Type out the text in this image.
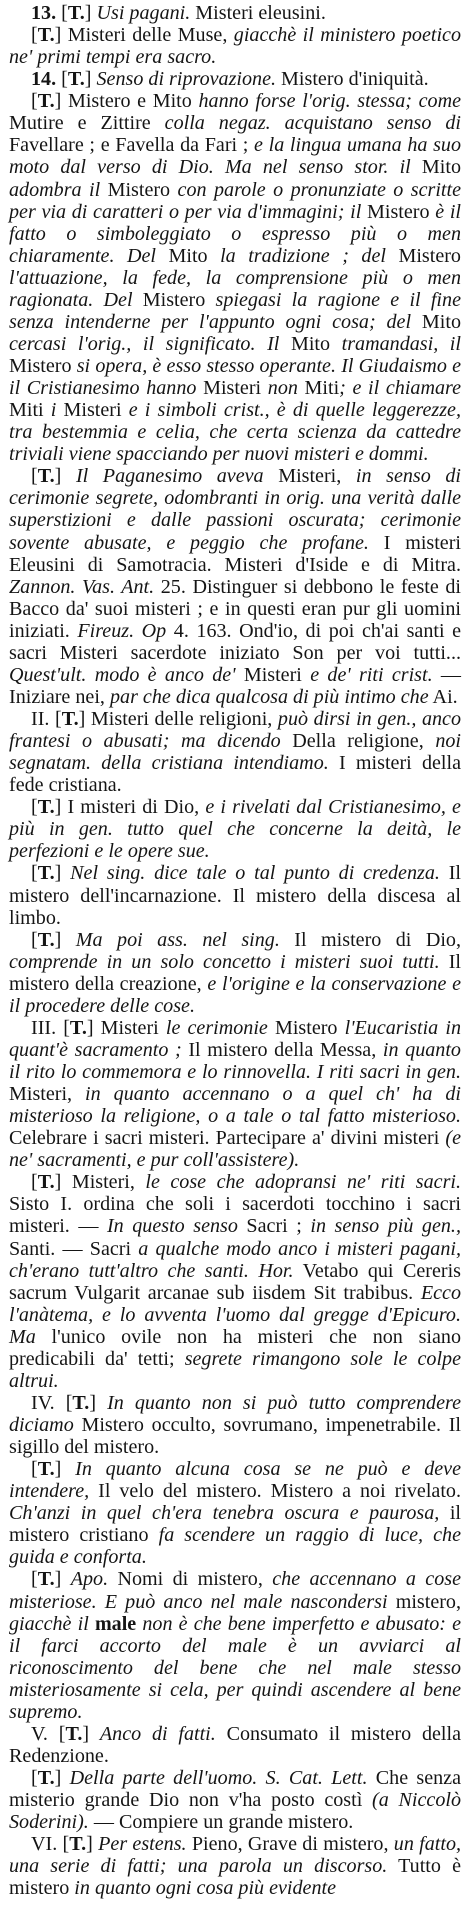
13. [T.] Usi pagani. Misteri eleusini.

[T.] Misteri delle Muse, giacchè il ministero poetico ne' primi tempi era sacro.

14. [T.] Senso di riprovazione. Mistero d'iniquità.

[T.] Mistero e Mito hanno forse l'orig. stessa; come Mutire e Zittire colla negaz. acquistano senso di Favellare ; e Favella da Fari ; e la lingua umana ha suo moto dal verso di Dio. Ma nel senso stor. il Mito adombra il Mistero con parole o pronunziate o scritte per via di caratteri o per via d'immagini; il Mistero è il fatto o simboleggiato o espresso più o men chiaramente. Del Mito la tradizione ; del Mistero l'attuazione, la fede, la comprensione più o men ragionata. Del Mistero spiegasi la ragione e il fine senza intenderne per l'appunto ogni cosa; del Mito cercasi l'orig., il significato. Il Mito tramandasi, il Mistero si opera, è esso stesso operante. Il Giudaismo e il Cristianesimo hanno Misteri non Miti; e il chiamare Miti i Misteri e i simboli crist., è di quelle leggerezze, tra bestemmia e celia, che certa scienza da cattedre triviali viene spacciando per nuovi misteri e dommi.

[T.] Il Paganesimo aveva Misteri, in senso di cerimonie segrete, odombranti in orig. una verità dalle superstizioni e dalle passioni oscurata; cerimonie sovente abusate, e peggio che profane. I misteri Eleusini di Samotracia. Misteri d'Iside e di Mitra. Zannon. Vas. Ant. 25. Distinguer si debbono le feste di Bacco da' suoi misteri ; e in questi eran pur gli uomini iniziati. Fireuz. Op 4. 163. Ond'io, di poi ch'ai santi e sacri Misteri sacerdote iniziato Son per voi tutti... Quest'ult. modo è anco de' Misteri e de' riti crist. — Iniziare nei, par che dica qualcosa di più intimo che Ai.

II. [T.] Misteri delle religioni, può dirsi in gen., anco frantesi o abusati; ma dicendo Della religione, noi segnatam. della cristiana intendiamo. I misteri della fede cristiana.

[T.] I misteri di Dio, e i rivelati dal Cristianesimo, e più in gen. tutto quel che concerne la deità, le perfezioni e le opere sue.

[T.] Nel sing. dice tale o tal punto di credenza. Il mistero dell'incarnazione. Il mistero della discesa al limbo.

[T.] Ma poi ass. nel sing. Il mistero di Dio, comprende in un solo concetto i misteri suoi tutti. Il mistero della creazione, e l'origine e la conservazione e il procedere delle cose.

III. [T.] Misteri le cerimonie Mistero l'Eucaristia in quant'è sacramento ; Il mistero della Messa, in quanto il rito lo commemora e lo rinnovella. I riti sacri in gen. Misteri, in quanto accennano o a quel ch' ha di misterioso la religione, o a tale o tal fatto misterioso. Celebrare i sacri misteri. Partecipare a' divini misteri (e ne' sacramenti, e pur coll'assistere).

[T.] Misteri, le cose che adopransi ne' riti sacri. Sisto I. ordina che soli i sacerdoti tocchino i sacri misteri. — In questo senso Sacri ; in senso più gen., Santi. — Sacri a qualche modo anco i misteri pagani, ch'erano tutt'altro che santi. Hor. Vetabo qui Cereris sacrum Vulgarit arcanae sub iisdem Sit trabibus. Ecco l'anàtema, e lo avventa l'uomo dal gregge d'Epicuro. Ma l'unico ovile non ha misteri che non siano predicabili da' tetti; segrete rimangono sole le colpe altrui.

IV. [T.] In quanto non si può tutto comprendere diciamo Mistero occulto, sovrumano, impenetrabile. Il sigillo del mistero.

[T.] In quanto alcuna cosa se ne può e deve intendere, Il velo del mistero. Mistero a noi rivelato. Ch'anzi in quel ch'era tenebra oscura e paurosa, il mistero cristiano fa scendere un raggio di luce, che guida e conforta.

[T.] Apo. Nomi di mistero, che accennano a cose misteriose. E può anco nel male nascondersi mistero, giacchè il male non è che bene imperfetto e abusato: e il farci accorto del male è un avviarci al riconoscimento del bene che nel male stesso misteriosamente si cela, per quindi ascendere al bene supremo.

V. [T.] Anco di fatti. Consumato il mistero della Redenzione.

[T.] Della parte dell'uomo. S. Cat. Lett. Che senza misterio grande Dio non v'ha posto costì (a Niccolò Soderini). — Compiere un grande mistero.

VI. [T.] Per estens. Pieno, Grave di mistero, un fatto, una serie di fatti; una parola un discorso. Tutto è mistero in quanto ogni cosa più evidente
